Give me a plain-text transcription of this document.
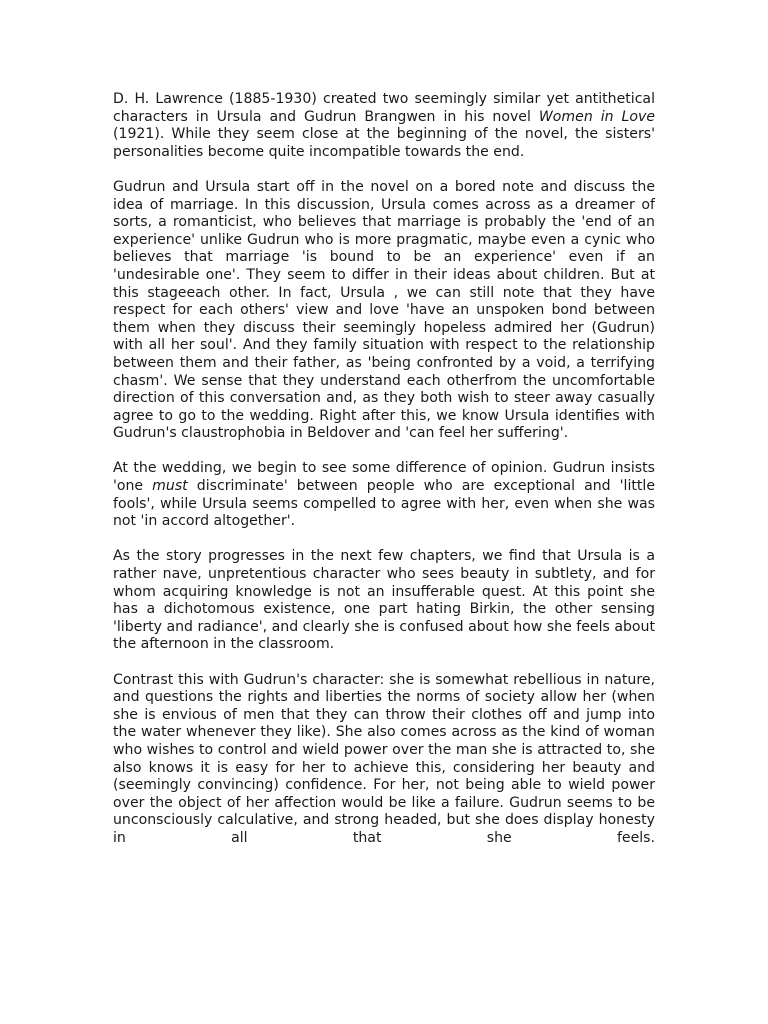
D. H. Lawrence (1885-1930) created two seemingly similar yet antithetical characters in Ursula and Gudrun Brangwen in his novel Women in Love (1921). While they seem close at the beginning of the novel, the sisters' personalities become quite incompatible towards the end.

Gudrun and Ursula start off in the novel on a bored note and discuss the idea of marriage. In this discussion, Ursula comes across as a dreamer of sorts, a romanticist, who believes that marriage is probably the 'end of an experience' unlike Gudrun who is more pragmatic, maybe even a cynic who believes that marriage 'is bound to be an experience' even if an 'undesirable one'. They seem to differ in their ideas about children. But at this stageeach other. In fact, Ursula , we can still note that they have respect for each others' view and love 'have an unspoken bond between them when they discuss their seemingly hopeless admired her (Gudrun) with all her soul'. And they family situation with respect to the relationship between them and their father, as 'being confronted by a void, a terrifying chasm'. We sense that they understand each otherfrom the uncomfortable direction of this conversation and, as they both wish to steer away casually agree to go to the wedding. Right after this, we know Ursula identifies with Gudrun's claustrophobia in Beldover and 'can feel her suffering'.

At the wedding, we begin to see some difference of opinion. Gudrun insists 'one must discriminate' between people who are exceptional and 'little fools', while Ursula seems compelled to agree with her, even when she was not 'in accord altogether'.

As the story progresses in the next few chapters, we find that Ursula is a rather nave, unpretentious character who sees beauty in subtlety, and for whom acquiring knowledge is not an insufferable quest. At this point she has a dichotomous existence, one part hating Birkin, the other sensing 'liberty and radiance', and clearly she is confused about how she feels about the afternoon in the classroom.

Contrast this with Gudrun's character: she is somewhat rebellious in nature, and questions the rights and liberties the norms of society allow her (when she is envious of men that they can throw their clothes off and jump into the water whenever they like). She also comes across as the kind of woman who wishes to control and wield power over the man she is attracted to, she also knows it is easy for her to achieve this, considering her beauty and (seemingly convincing) confidence. For her, not being able to wield power over the object of her affection would be like a failure. Gudrun seems to be unconsciously calculative, and strong headed, but she does display honesty in all that she feels.
